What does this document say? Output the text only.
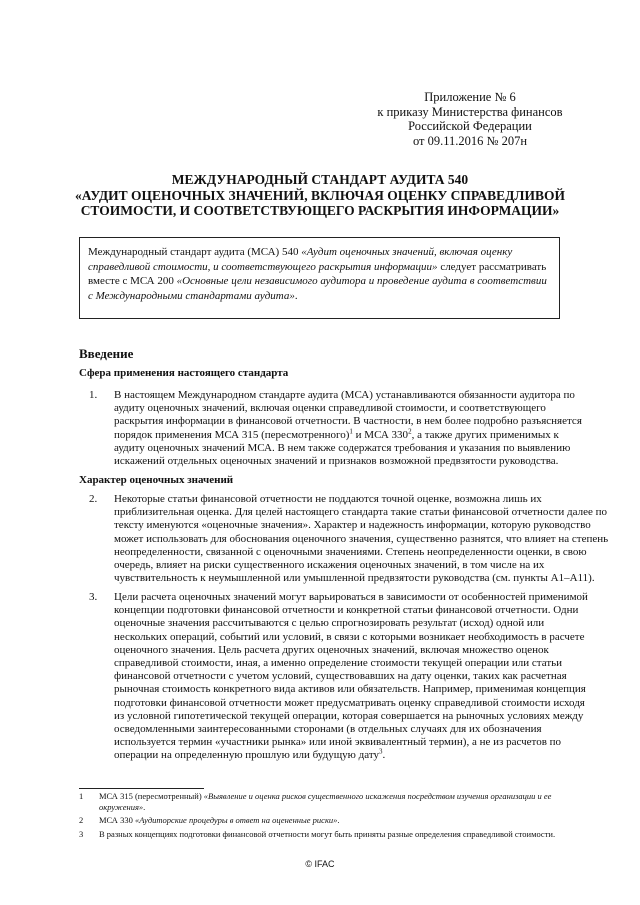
Приложение № 6
к приказу Министерства финансов
Российской Федерации
от 09.11.2016 № 207н
МЕЖДУНАРОДНЫЙ СТАНДАРТ АУДИТА 540
«АУДИТ ОЦЕНОЧНЫХ ЗНАЧЕНИЙ, ВКЛЮЧАЯ ОЦЕНКУ СПРАВЕДЛИВОЙ
СТОИМОСТИ, И СООТВЕТСТВУЮЩЕГО РАСКРЫТИЯ ИНФОРМАЦИИ»
Международный стандарт аудита (МСА) 540 «Аудит оценочных значений, включая оценку справедливой стоимости, и соответствующего раскрытия информации» следует рассматривать вместе с МСА 200 «Основные цели независимого аудитора и проведение аудита в соответствии с Международными стандартами аудита».
Введение
Сфера применения настоящего стандарта
1. В настоящем Международном стандарте аудита (МСА) устанавливаются обязанности аудитора по
аудиту оценочных значений, включая оценки справедливой стоимости, и соответствующего
раскрытия информации в финансовой отчетности. В частности, в нем более подробно разъясняется
порядок применения МСА 315 (пересмотренного)$^1$ и МСА $330^2$, а также других применимых к
аудиту оценочных значений МСА. В нем также содержатся требования и указания по выявлению
искажений отдельных оценочных значений и признаков возможной предвзятости руководства.
Характер оценочных значений
2. Некоторые статьи финансовой отчетности не поддаются точной оценке, возможна лишь их
приблизительная оценка. Для целей настоящего стандарта такие статьи финансовой отчетности далее по
тексту именуются «оценочные значения». Характер и надежность информации, которую руководство
может использовать для обоснования оценочного значения, существенно разнятся, что влияет на степень
неопределенности, связанной с оценочными значениями. Степень неопределенности оценки, в свою
очередь, влияет на риски существенного искажения оценочных значений, в том числе на их
чувствительность к неумышленной или умышленной предвзятости руководства (см. пункты A1–A11).
3. Цели расчета оценочных значений могут варьироваться в зависимости от особенностей применимой
концепции подготовки финансовой отчетности и конкретной статьи финансовой отчетности. Одни
оценочные значения рассчитываются с целью спрогнозировать результат (исход) одной или
нескольких операций, событий или условий, в связи с которыми возникает необходимость в расчете
оценочного значения. Цель расчета других оценочных значений, включая множество оценок
справедливой стоимости, иная, а именно определение стоимости текущей операции или статьи
финансовой отчетности с учетом условий, существовавших на дату оценки, таких как расчетная
рыночная стоимость конкретного вида активов или обязательств. Например, применимая концепция
подготовки финансовой отчетности может предусматривать оценку справедливой стоимости исходя
из условной гипотетической текущей операции, которая совершается на рыночных условиях между
осведомленными заинтересованными сторонами (в отдельных случаях для их обозначения
используется термин «участники рынка» или иной эквивалентный термин), а не из расчетов по
операции на определенную прошлую или будущую дату$^3$.
1 МСА 315 (пересмотренный) «Выявление и оценка рисков существенного искажения посредством изучения организации и ее окружения».
2 МСА 330 «Аудиторские процедуры в ответ на оцененные риски».
3 В разных концепциях подготовки финансовой отчетности могут быть приняты разные определения справедливой стоимости.
© IFAC
